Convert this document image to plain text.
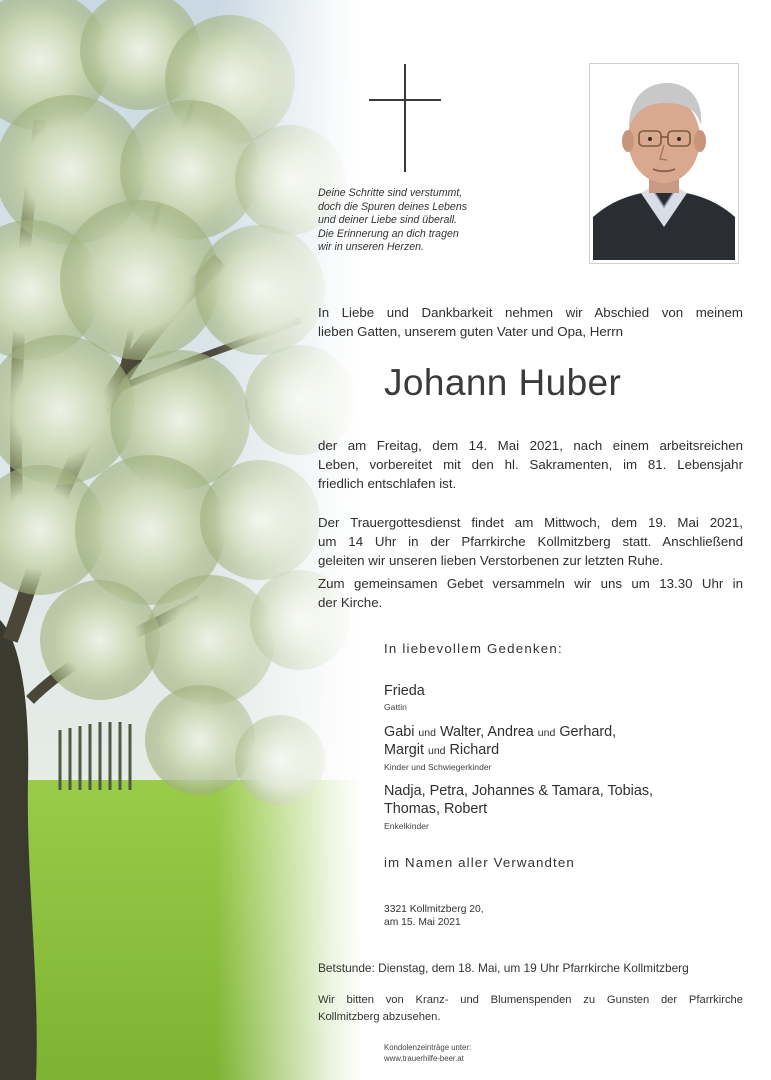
Deine Schritte sind verstummt,
doch die Spuren deines Lebens
und deiner Liebe sind überall.
Die Erinnerung an dich tragen
wir in unseren Herzen.
In Liebe und Dankbarkeit nehmen wir Abschied von meinem
lieben Gatten, unserem guten Vater und Opa, Herrn
Johann Huber
der am Freitag, dem 14. Mai 2021, nach einem arbeitsreichen
Leben, vorbereitet mit den hl. Sakramenten, im 81. Lebensjahr
friedlich entschlafen ist.
Der Trauergottesdienst findet am Mittwoch, dem 19. Mai 2021,
um 14 Uhr in der Pfarrkirche Kollmitzberg statt. Anschließend
geleiten wir unseren lieben Verstorbenen zur letzten Ruhe.
Zum gemeinsamen Gebet versammeln wir uns um 13.30 Uhr in
der Kirche.
In liebevollem Gedenken:
Frieda
Gattin
Gabi und Walter, Andrea und Gerhard,
Margit und Richard
Kinder und Schwiegerkinder
Nadja, Petra, Johannes & Tamara, Tobias,
Thomas, Robert
Enkelkinder
im Namen aller Verwandten
3321 Kollmitzberg 20,
am 15. Mai 2021
Betstunde: Dienstag, dem 18. Mai, um 19 Uhr Pfarrkirche Kollmitzberg
Wir bitten von Kranz- und Blumenspenden zu Gunsten der Pfarrkirche
Kollmitzberg abzusehen.
Kondolenzeinträge unter:
www.trauerhilfe-beer.at
